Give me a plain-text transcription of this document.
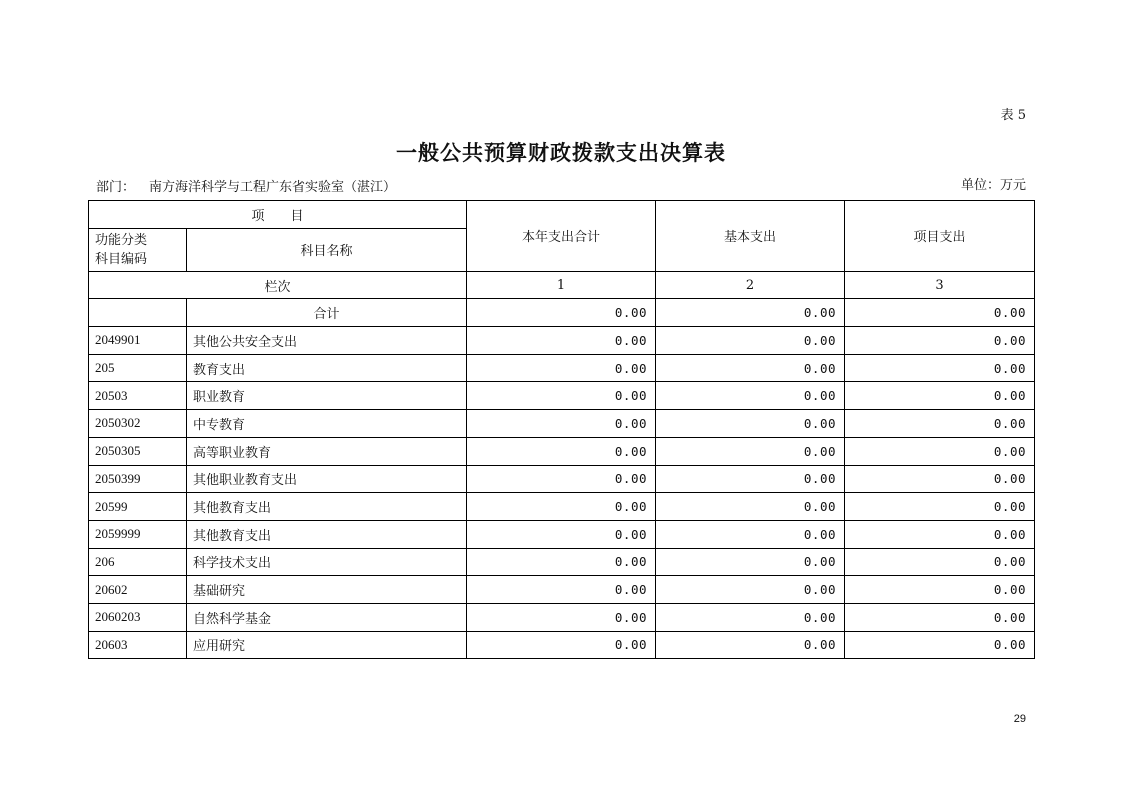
表 5
一般公共预算财政拨款支出决算表
部门： 南方海洋科学与工程广东省实验室（湛江）	单位：万元
项　　目		本年支出合计	基本支出	项目支出

功能分类
科目编码	科目名称			
栏次		1	2	3
	合计	0.00	0.00	0.00
2049901	其他公共安全支出	0.00	0.00	0.00
205	教育支出	0.00	0.00	0.00
20503	职业教育	0.00	0.00	0.00
2050302	中专教育	0.00	0.00	0.00
2050305	高等职业教育	0.00	0.00	0.00
2050399	其他职业教育支出	0.00	0.00	0.00
20599	其他教育支出	0.00	0.00	0.00
2059999	其他教育支出	0.00	0.00	0.00
206	科学技术支出	0.00	0.00	0.00
20602	基础研究	0.00	0.00	0.00
2060203	自然科学基金	0.00	0.00	0.00
20603	应用研究	0.00	0.00	0.00
29
